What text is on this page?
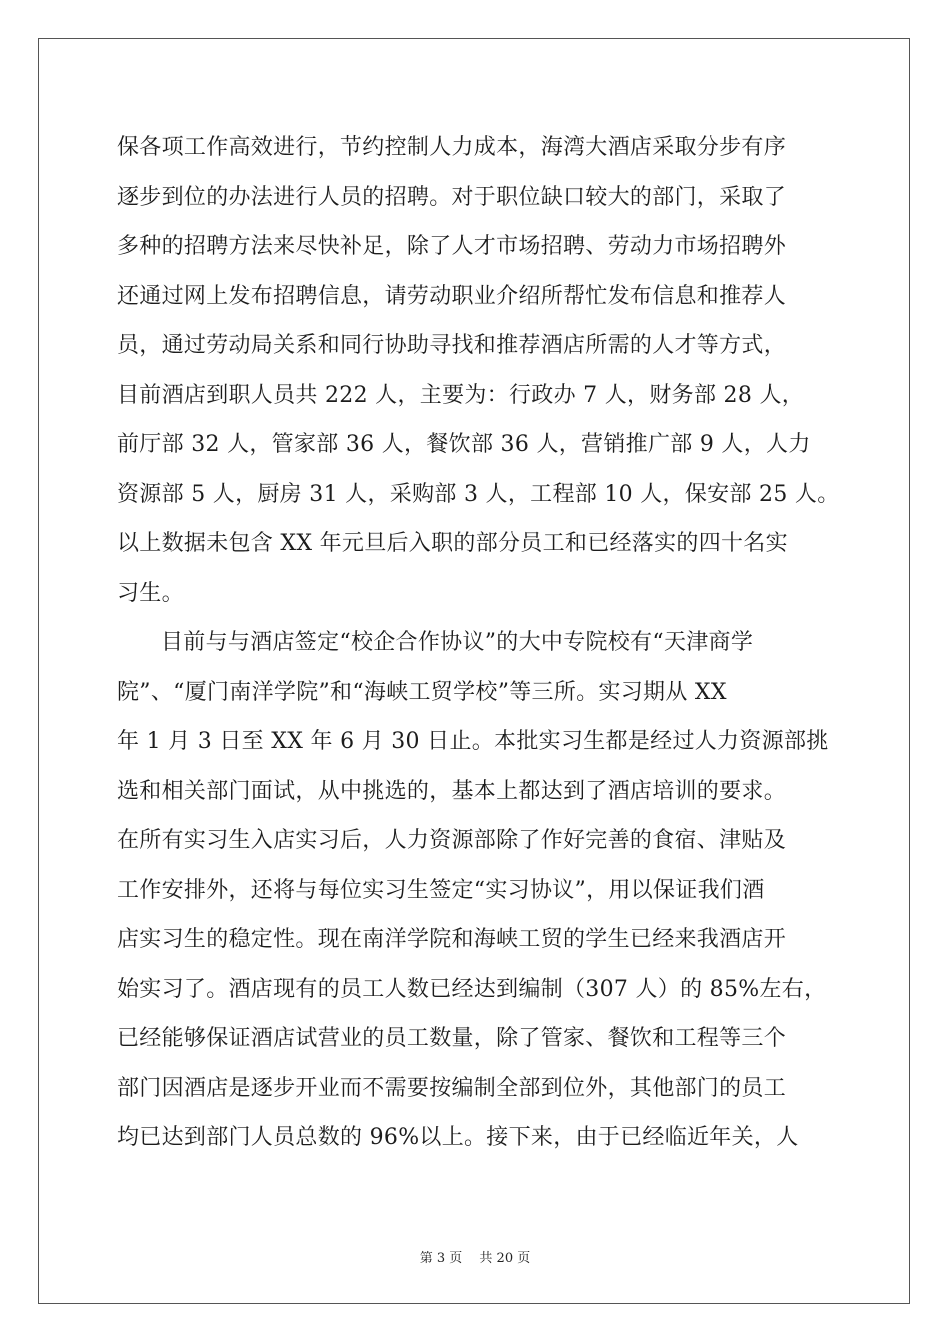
保各项工作高效进行，节约控制人力成本，海湾大酒店采取分步有序
逐步到位的办法进行人员的招聘。对于职位缺口较大的部门，采取了
多种的招聘方法来尽快补足，除了人才市场招聘、劳动力市场招聘外
还通过网上发布招聘信息，请劳动职业介绍所帮忙发布信息和推荐人
员，通过劳动局关系和同行协助寻找和推荐酒店所需的人才等方式，
目前酒店到职人员共 222 人，主要为：行政办 7 人，财务部 28 人，
前厅部 32 人，管家部 36 人，餐饮部 36 人，营销推广部 9 人，人力
资源部 5 人，厨房 31 人，采购部 3 人，工程部 10 人，保安部 25 人。
以上数据未包含 XX 年元旦后入职的部分员工和已经落实的四十名实
习生。
目前与与酒店签定“校企合作协议”的大中专院校有“天津商学
院”、“厦门南洋学院”和“海峡工贸学校”等三所。实习期从 XX
年 1 月 3 日至 XX 年 6 月 30 日止。本批实习生都是经过人力资源部挑
选和相关部门面试，从中挑选的，基本上都达到了酒店培训的要求。
在所有实习生入店实习后，人力资源部除了作好完善的食宿、津贴及
工作安排外，还将与每位实习生签定“实习协议”，用以保证我们酒
店实习生的稳定性。现在南洋学院和海峡工贸的学生已经来我酒店开
始实习了。酒店现有的员工人数已经达到编制（307 人）的 85%左右，
已经能够保证酒店试营业的员工数量，除了管家、餐饮和工程等三个
部门因酒店是逐步开业而不需要按编制全部到位外，其他部门的员工
均已达到部门人员总数的 96%以上。接下来，由于已经临近年关，人
第 3 页　 共 20 页
